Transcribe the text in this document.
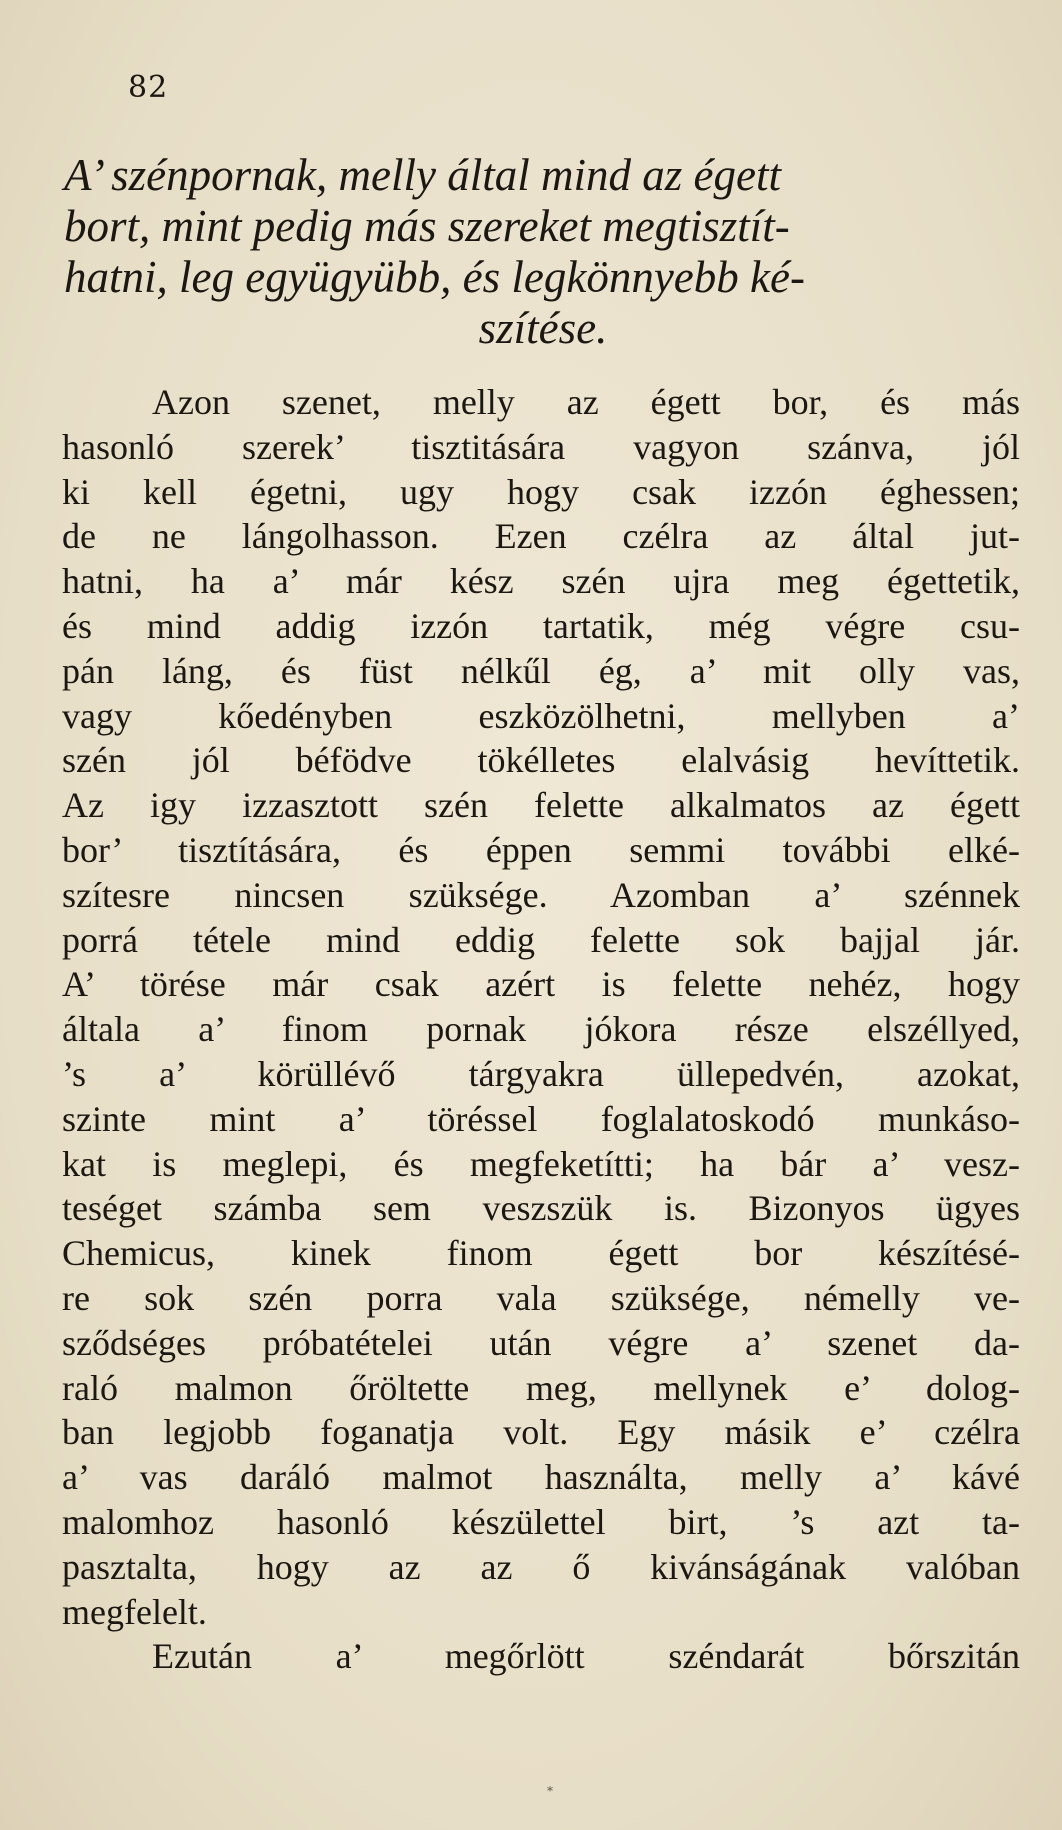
82
A’ szénpornak, melly által mind az égett
bort, mint pedig más szereket megtisztít-
hatni, leg együgyübb, és legkönnyebb ké-
szítése.
Azon szenet, melly az égett bor, és más
hasonló szerek’ tisztitására vagyon szánva, jól
ki kell égetni, ugy hogy csak izzón éghessen;
de ne lángolhasson. Ezen czélra az által jut-
hatni, ha a’ már kész szén ujra meg égettetik,
és mind addig izzón tartatik, még végre csu-
pán láng, és füst nélkűl ég, a’ mit olly vas,
vagy kőedényben eszközölhetni, mellyben a’
szén jól béfödve tökélletes elalvásig hevíttetik.
Az igy izzasztott szén felette alkalmatos az égett
bor’ tisztítására, és éppen semmi további elké-
szítesre nincsen szüksége. Azomban a’ szénnek
porrá tétele mind eddig felette sok bajjal jár.
A’ törése már csak azért is felette nehéz, hogy
általa a’ finom pornak jókora része elszéllyed,
’s a’ körüllévő tárgyakra üllepedvén, azokat,
szinte mint a’ töréssel foglalatoskodó munkáso-
kat is meglepi, és megfeketítti; ha bár a’ vesz-
teséget számba sem veszszük is. Bizonyos ügyes
Chemicus, kinek finom égett bor készítésé-
re sok szén porra vala szüksége, némelly ve-
sződséges próbatételei után végre a’ szenet da-
raló malmon őröltette meg, mellynek e’ dolog-
ban legjobb foganatja volt. Egy másik e’ czélra
a’ vas daráló malmot használta, melly a’ kávé
malomhoz hasonló készülettel birt, ’s azt ta-
pasztalta, hogy az az ő kivánságának valóban
megfelelt.
Ezután a’ megőrlött széndarát bőrszitán
*
